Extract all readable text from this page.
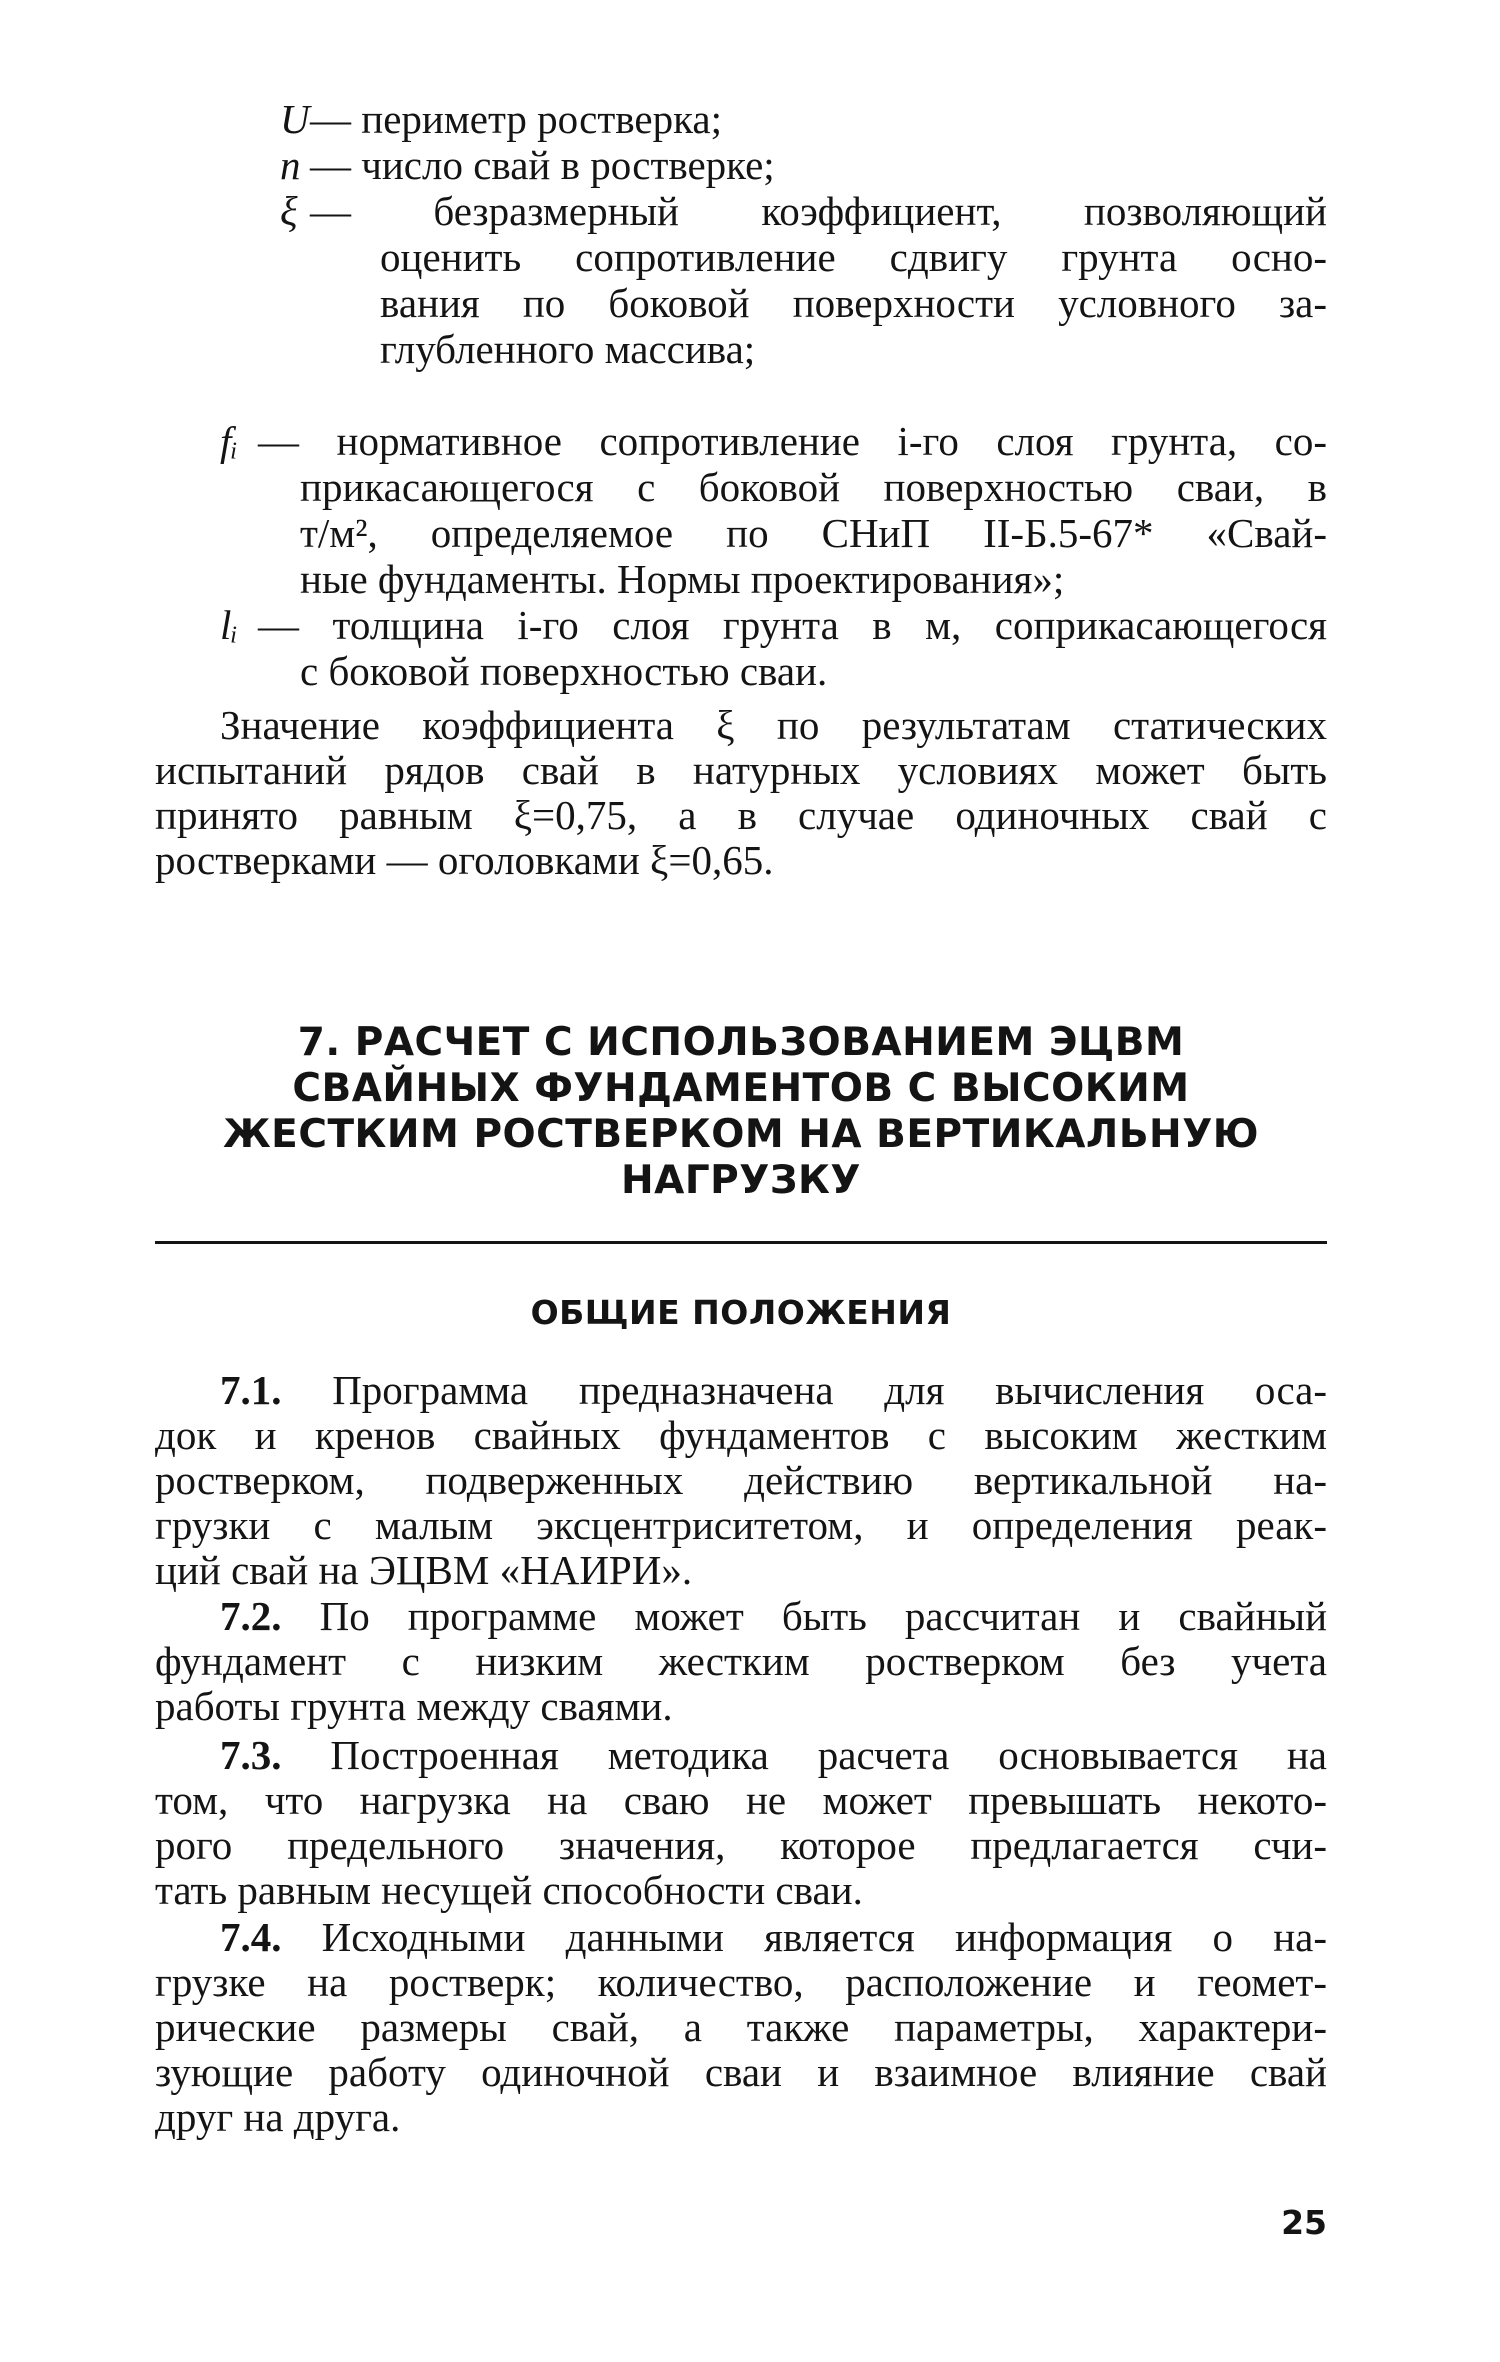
U — периметр ростверка;
n — число свай в ростверке;
ξ — безразмерный коэффициент, позволяющий
оценить сопротивление сдвигу грунта осно-
вания по боковой поверхности условного за-
глубленного массива;
fᵢ — нормативное сопротивление i-го слоя грунта, со-
прикасающегося с боковой поверхностью сваи, в
т/м², определяемое по СНиП II-Б.5-67* «Свай-
ные фундаменты. Нормы проектирования»;
lᵢ — толщина i-го слоя грунта в м, соприкасающегося
с боковой поверхностью сваи.
Значение коэффициента ξ по результатам статических
испытаний рядов свай в натурных условиях может быть
принято равным ξ=0,75, а в случае одиночных свай с
ростверками — оголовками ξ=0,65.
7. РАСЧЕТ С ИСПОЛЬЗОВАНИЕМ ЭЦВМ
СВАЙНЫХ ФУНДАМЕНТОВ С ВЫСОКИМ
ЖЕСТКИМ РОСТВЕРКОМ НА ВЕРТИКАЛЬНУЮ
НАГРУЗКУ
ОБЩИЕ ПОЛОЖЕНИЯ
7.1. Программа предназначена для вычисления оса-
док и кренов свайных фундаментов с высоким жестким
ростверком, подверженных действию вертикальной на-
грузки с малым эксцентриситетом, и определения реак-
ций свай на ЭЦВМ «НАИРИ».
7.2. По программе может быть рассчитан и свайный
фундамент с низким жестким ростверком без учета
работы грунта между сваями.
7.3. Построенная методика расчета основывается на
том, что нагрузка на сваю не может превышать некото-
рого предельного значения, которое предлагается счи-
тать равным несущей способности сваи.
7.4. Исходными данными является информация о на-
грузке на ростверк; количество, расположение и геомет-
рические размеры свай, а также параметры, характери-
зующие работу одиночной сваи и взаимное влияние свай
друг на друга.
25
